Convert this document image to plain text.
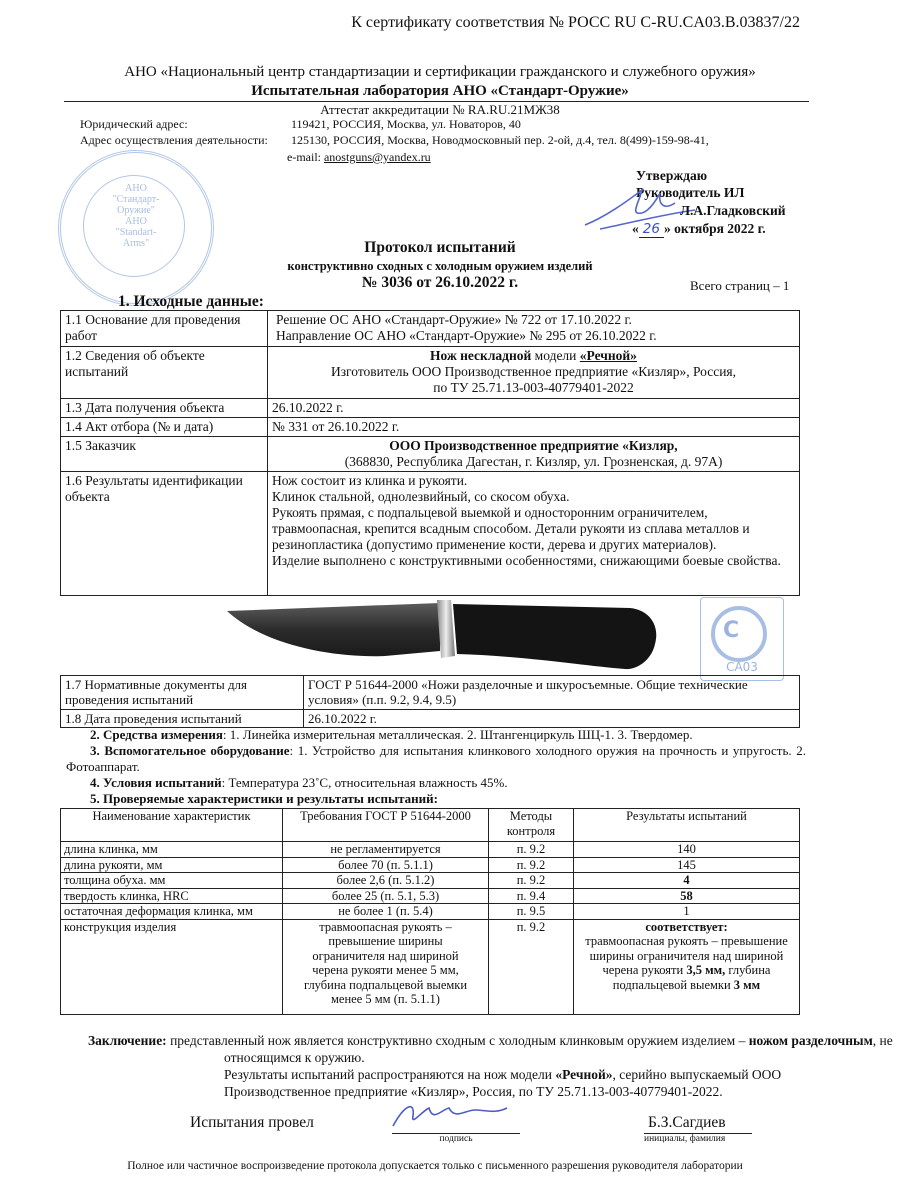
К сертификату соответствия № РОСС RU C-RU.CA03.B.03837/22
АНО «Национальный центр стандартизации и сертификации гражданского и служебного оружия»
Испытательная лаборатория АНО «Стандарт-Оружие»
Аттестат аккредитации № RA.RU.21МЖ38
Юридический адрес:	119421, РОССИЯ, Москва, ул. Новаторов, 40
Адрес осуществления деятельности: 125130, РОССИЯ, Москва, Новодмосковный пер. 2-ой, д.4, тел. 8(499)-159-98-41,
e-mail: anostguns@yandex.ru
АНО
"Стандарт-
Оружие"
АНО
"Standart-
Arms"
Утверждаю
Руководитель ИЛ
Л.А.Гладковский
« 26 » октября 2022 г.
Протокол испытаний
конструктивно сходных с холодным оружием изделий
№ 3036 от 26.10.2022 г.	Всего страниц – 1
1. Исходные данные:
1.1 Основание для проведения работ	Решение ОС АНО «Стандарт-Оружие» № 722 от 17.10.2022 г.
Направление ОС АНО «Стандарт-Оружие» № 295 от 26.10.2022 г.

1.2 Сведения об объекте испытаний	Нож нескладной модели «Речной»
Изготовитель ООО Производственное предприятие «Кизляр», Россия,
по ТУ 25.71.13-003-40779401-2022

1.3 Дата получения объекта	26.10.2022 г.
1.4 Акт отбора (№ и дата)	№ 331 от 26.10.2022 г.
1.5 Заказчик	ООО Производственное предприятие «Кизляр,
(368830, Республика Дагестан, г. Кизляр, ул. Грозненская, д. 97А)

1.6 Результаты идентификации объекта	Нож состоит из клинка и рукояти.
Клинок стальной, однолезвийный, со скосом обуха.
Рукоять прямая, с подпальцевой выемкой и односторонним ограничителем, травмоопасная, крепится всадным способом. Детали рукояти из сплава металлов и резинопластика (допустимо применение кости, дерева и других материалов).
Изделие выполнено с конструктивными особенностями, снижающими боевые свойства.
С
СА03
1.7 Нормативные документы для проведения испытаний	ГОСТ Р 51644-2000 «Ножи разделочные и шкуросъемные. Общие технические условия» (п.п. 9.2, 9.4, 9.5)
1.8 Дата проведения испытаний	26.10.2022 г.
2. Средства измерения: 1. Линейка измерительная металлическая. 2. Штангенциркуль ШЦ-1. 3. Твердомер.
3. Вспомогательное оборудование: 1. Устройство для испытания клинкового холодного оружия на прочность и упругость. 2. Фотоаппарат.
4. Условия испытаний: Температура 23˚С, относительная влажность 45%.
5. Проверяемые характеристики и результаты испытаний:
Наименование характеристик	Требования ГОСТ Р 51644-2000	Методы контроля	Результаты испытаний
длина клинка, мм	не регламентируется	п. 9.2	140
длина рукояти, мм	более 70 (п. 5.1.1)	п. 9.2	145
толщина обуха. мм	более 2,6 (п. 5.1.2)	п. 9.2	4
твердость клинка, HRC	более 25 (п. 5.1, 5.3)	п. 9.4	58
остаточная деформация клинка, мм	не более 1 (п. 5.4)	п. 9.5	1
конструкция изделия	травмоопасная рукоять – превышение ширины ограничителя над шириной черена рукояти менее 5 мм, глубина подпальцевой выемки менее 5 мм (п. 5.1.1)	п. 9.2	соответствует:
травмоопасная рукоять – превышение ширины ограничителя над шириной черена рукояти 3,5 мм, глубина подпальцевой выемки 3 мм
Заключение: представленный нож является конструктивно сходным с холодным клинковым оружием изделием – ножом разделочным, не относящимся к оружию.
Результаты испытаний распространяются на нож модели «Речной», серийно выпускаемый ООО Производственное предприятие «Кизляр», Россия, по ТУ 25.71.13-003-40779401-2022.
Испытания провел
подпись
Б.З.Сагдиев
инициалы, фамилия
Полное или частичное воспроизведение протокола допускается только с письменного разрешения руководителя лаборатории
